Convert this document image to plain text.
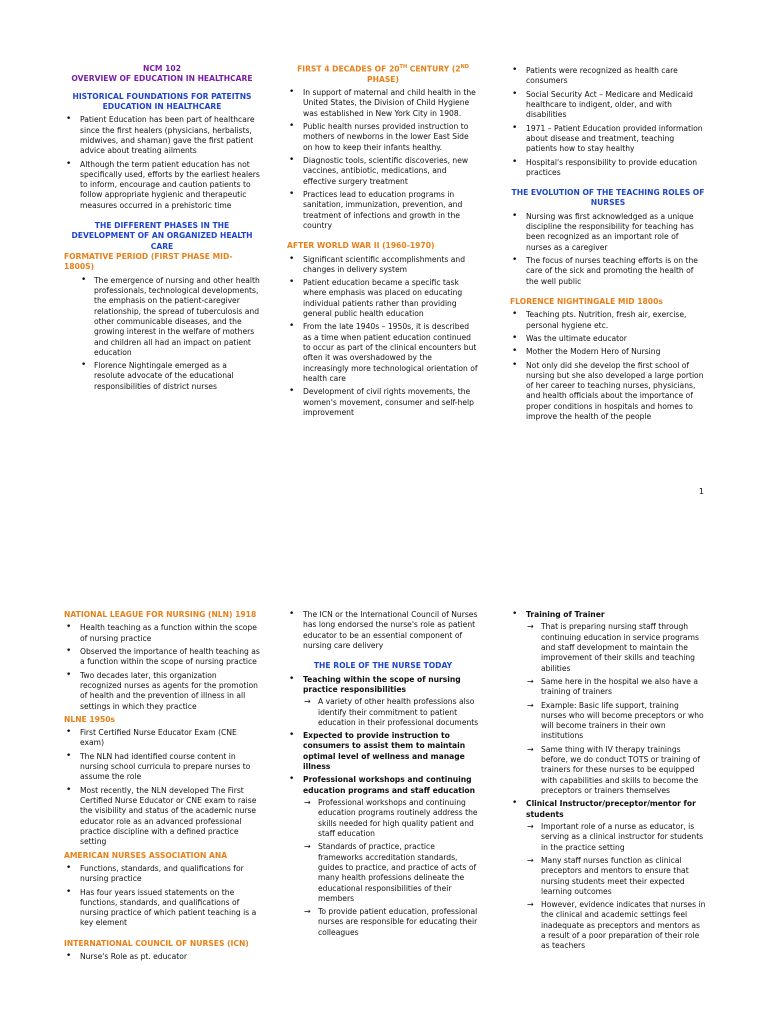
NCM 102
OVERVIEW OF EDUCATION IN HEALTHCARE
HISTORICAL FOUNDATIONS FOR PATEITNS EDUCATION IN HEALTHCARE
• Patient Education has been part of healthcare since the first healers (physicians, herbalists, midwives, and shaman) gave the first patient advice about treating ailments
• Although the term patient education has not specifically used, efforts by the earliest healers to inform, encourage and caution patients to follow appropriate hygienic and therapeutic measures occurred in a prehistoric time
THE DIFFERENT PHASES IN THE DEVELOPMENT OF AN ORGANIZED HEALTH CARE
FORMATIVE PERIOD (FIRST PHASE MID-1800S)
• The emergence of nursing and other health professionals, technological developments, the emphasis on the patient-caregiver relationship, the spread of tuberculosis and other communicable diseases, and the growing interest in the welfare of mothers and children all had an impact on patient education
• Florence Nightingale emerged as a resolute advocate of the educational responsibilities of district nurses
FIRST 4 DECADES OF 20TH CENTURY (2ND PHASE)
• In support of maternal and child health in the United States, the Division of Child Hygiene was established in New York City in 1908.
• Public health nurses provided instruction to mothers of newborns in the lower East Side on how to keep their infants healthy.
• Diagnostic tools, scientific discoveries, new vaccines, antibiotic, medications, and effective surgery treatment
• Practices lead to education programs in sanitation, immunization, prevention, and treatment of infections and growth in the country
AFTER WORLD WAR II (1960-1970)
• Significant scientific accomplishments and changes in delivery system
• Patient education became a specific task where emphasis was placed on educating individual patients rather than providing general public health education
• From the late 1940s – 1950s, it is described as a time when patient education continued to occur as part of the clinical encounters but often it was overshadowed by the increasingly more technological orientation of health care
• Development of civil rights movements, the women's movement, consumer and self-help improvement
• Patients were recognized as health care consumers
• Social Security Act – Medicare and Medicaid healthcare to indigent, older, and with disabilities
• 1971 – Patient Education provided information about disease and treatment, teaching patients how to stay healthy
• Hospital's responsibility to provide education practices
THE EVOLUTION OF THE TEACHING ROLES OF NURSES
• Nursing was first acknowledged as a unique discipline the responsibility for teaching has been recognized as an important role of nurses as a caregiver
• The focus of nurses teaching efforts is on the care of the sick and promoting the health of the well public
FLORENCE NIGHTINGALE MID 1800s
• Teaching pts. Nutrition, fresh air, exercise, personal hygiene etc.
• Was the ultimate educator
• Mother the Modern Hero of Nursing
• Not only did she develop the first school of nursing but she also developed a large portion of her career to teaching nurses, physicians, and health officials about the importance of proper conditions in hospitals and homes to improve the health of the people
1
NATIONAL LEAGUE FOR NURSING (NLN) 1918
• Health teaching as a function within the scope of nursing practice
• Observed the importance of health teaching as a function within the scope of nursing practice
• Two decades later, this organization recognized nurses as agents for the promotion of health and the prevention of illness in all settings in which they practice
NLNE 1950s
• First Certified Nurse Educator Exam (CNE exam)
• The NLN had identified course content in nursing school curricula to prepare nurses to assume the role
• Most recently, the NLN developed The First Certified Nurse Educator or CNE exam to raise the visibility and status of the academic nurse educator role as an advanced professional practice discipline with a defined practice setting
AMERICAN NURSES ASSOCIATION ANA
• Functions, standards, and qualifications for nursing practice
• Has four years issued statements on the functions, standards, and qualifications of nursing practice of which patient teaching is a key element
INTERNATIONAL COUNCIL OF NURSES (ICN)
• Nurse's Role as pt. educator
• The ICN or the International Council of Nurses has long endorsed the nurse's role as patient educator to be an essential component of nursing care delivery
THE ROLE OF THE NURSE TODAY
• Teaching within the scope of nursing practice responsibilities
→ A variety of other health professions also identify their commitment to patient education in their professional documents
• Expected to provide instruction to consumers to assist them to maintain optimal level of wellness and manage illness
• Professional workshops and continuing education programs and staff education
→ Professional workshops and continuing education programs routinely address the skills needed for high quality patient and staff education
→ Standards of practice, practice frameworks accreditation standards, guides to practice, and practice of acts of many health professions delineate the educational responsibilities of their members
→ To provide patient education, professional nurses are responsible for educating their colleagues
• Training of Trainer
→ That is preparing nursing staff through continuing education in service programs and staff development to maintain the improvement of their skills and teaching abilities
→ Same here in the hospital we also have a training of trainers
→ Example: Basic life support, training nurses who will become preceptors or who will become trainers in their own institutions
→ Same thing with IV therapy trainings before, we do conduct TOTS or training of trainers for these nurses to be equipped with capabilities and skills to become the preceptors or trainers themselves
• Clinical Instructor/preceptor/mentor for students
→ Important role of a nurse as educator, is serving as a clinical instructor for students in the practice setting
→ Many staff nurses function as clinical preceptors and mentors to ensure that nursing students meet their expected learning outcomes
→ However, evidence indicates that nurses in the clinical and academic settings feel inadequate as preceptors and mentors as a result of a poor preparation of their role as teachers
